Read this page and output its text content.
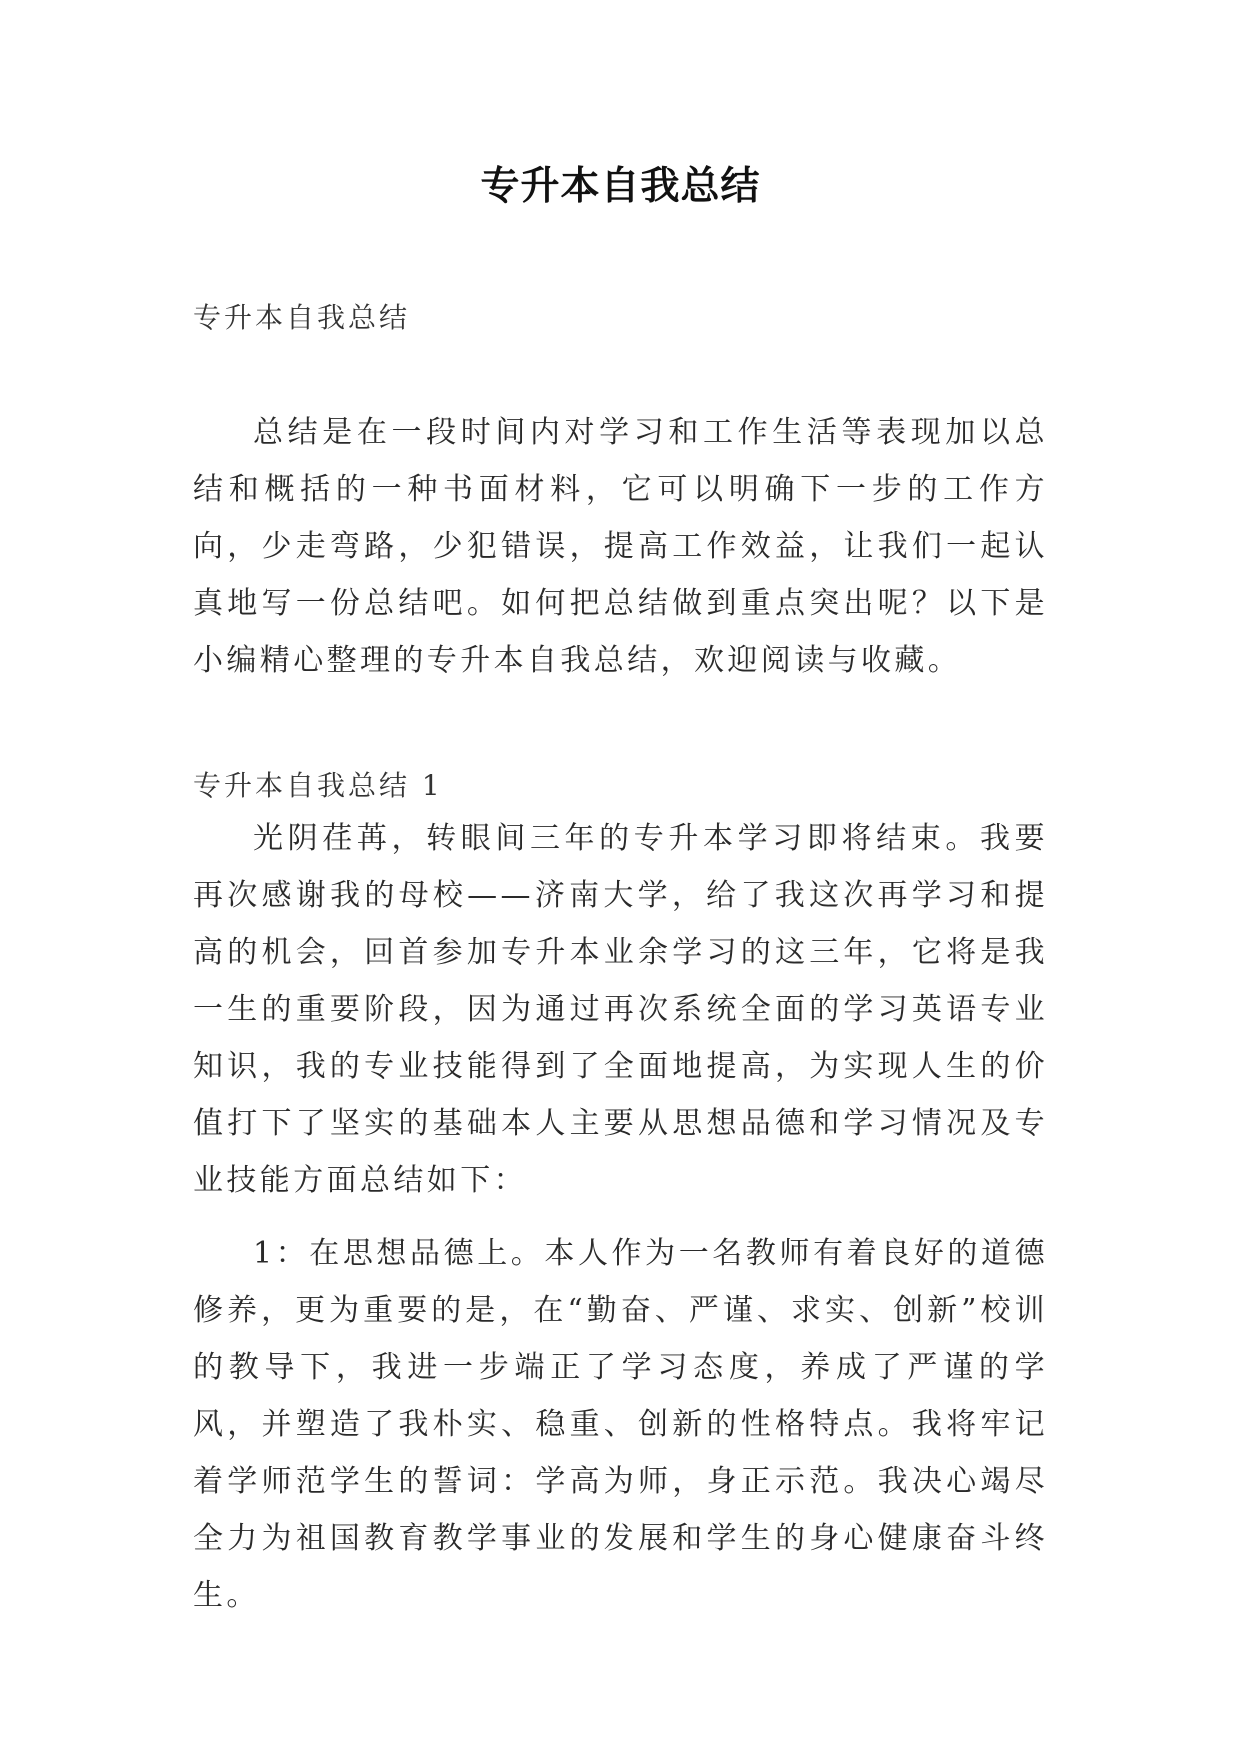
专升本自我总结

专升本自我总结

总结是在一段时间内对学习和工作生活等表现加以总结和概括的一种书面材料，它可以明确下一步的工作方向，少走弯路，少犯错误，提高工作效益，让我们一起认真地写一份总结吧。如何把总结做到重点突出呢？以下是小编精心整理的专升本自我总结，欢迎阅读与收藏。

专升本自我总结 1

光阴荏苒，转眼间三年的专升本学习即将结束。我要再次感谢我的母校——济南大学，给了我这次再学习和提高的机会，回首参加专升本业余学习的这三年，它将是我一生的重要阶段，因为通过再次系统全面的学习英语专业知识，我的专业技能得到了全面地提高，为实现人生的价值打下了坚实的基础本人主要从思想品德和学习情况及专业技能方面总结如下：

1：在思想品德上。本人作为一名教师有着良好的道德修养，更为重要的是，在“勤奋、严谨、求实、创新”校训的教导下，我进一步端正了学习态度，养成了严谨的学风，并塑造了我朴实、稳重、创新的性格特点。我将牢记着学师范学生的誓词：学高为师，身正示范。我决心竭尽全力为祖国教育教学事业的发展和学生的身心健康奋斗终生。
